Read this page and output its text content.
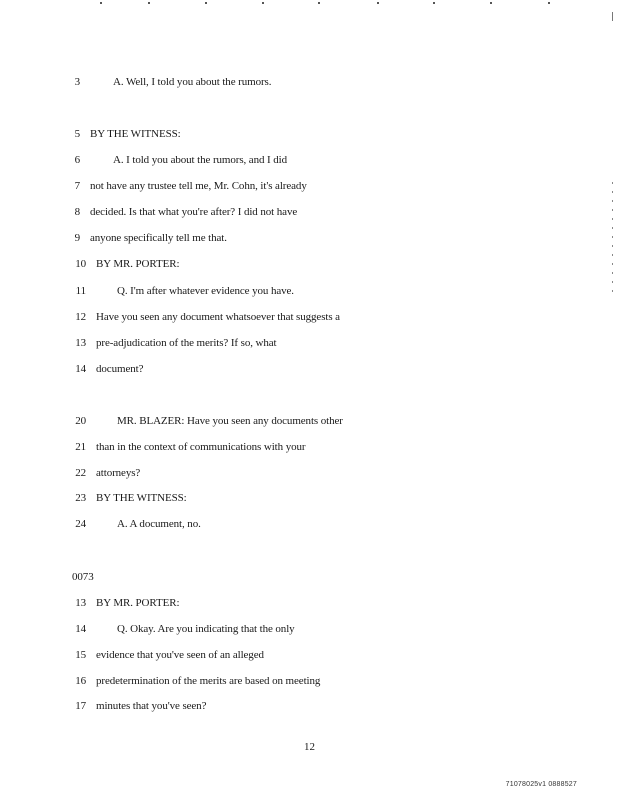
3	A. Well, I told you about the rumors.
5 BY THE WITNESS:
6	A. I told you about the rumors, and I did
7 not have any trustee tell me, Mr. Cohn, it's already
8 decided. Is that what you're after? I did not have
9 anyone specifically tell me that.
10 BY MR. PORTER:
11	Q. I'm after whatever evidence you have.
12 Have you seen any document whatsoever that suggests a
13 pre-adjudication of the merits? If so, what
14 document?
20	MR. BLAZER: Have you seen any documents other
21 than in the context of communications with your
22 attorneys?
23 BY THE WITNESS:
24	A. A document, no.
0073
13 BY MR. PORTER:
14	Q. Okay. Are you indicating that the only
15 evidence that you've seen of an alleged
16 predetermination of the merits are based on meeting
17 minutes that you've seen?
12
71078025v1 0888527
